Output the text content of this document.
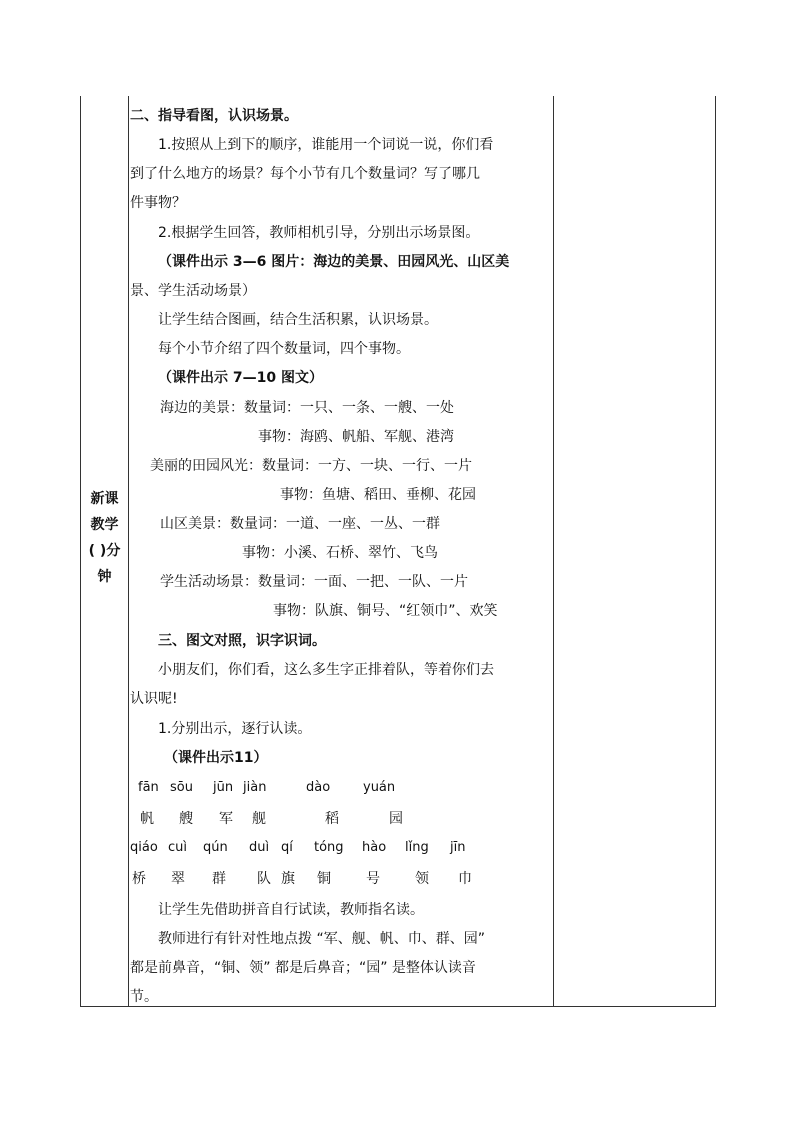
新课
教学
( )分
钟
二、指导看图，认识场景。
1.按照从上到下的顺序，谁能用一个词说一说，你们看
到了什么地方的场景？每个小节有几个数量词？写了哪几
件事物？
2.根据学生回答，教师相机引导，分别出示场景图。
（课件出示 3—6 图片：海边的美景、田园风光、山区美
景、学生活动场景）
让学生结合图画，结合生活积累，认识场景。
每个小节介绍了四个数量词，四个事物。
（课件出示 7—10 图文）
海边的美景：数量词：一只、一条、一艘、一处
事物：海鸥、帆船、军舰、港湾
美丽的田园风光：数量词：一方、一块、一行、一片
事物：鱼塘、稻田、垂柳、花园
山区美景：数量词：一道、一座、一丛、一群
事物：小溪、石桥、翠竹、飞鸟
学生活动场景：数量词：一面、一把、一队、一片
事物：队旗、铜号、“红领巾”、欢笑
三、图文对照，识字识词。
小朋友们，你们看，这么多生字正排着队，等着你们去
认识呢!
1.分别出示，逐行认读。
（课件出示11）
fān sōu jūn jiàn	dào	yuán
帆 艘 军 舰	稻	园
qiáo cuì qún duì qí tóng hào lǐng jīn
桥 翠 群 队 旗 铜	号	领 巾
让学生先借助拼音自行试读，教师指名读。
教师进行有针对性地点拨 “军、舰、帆、巾、群、园”
都是前鼻音，“铜、领” 都是后鼻音；“园” 是整体认读音
节。
